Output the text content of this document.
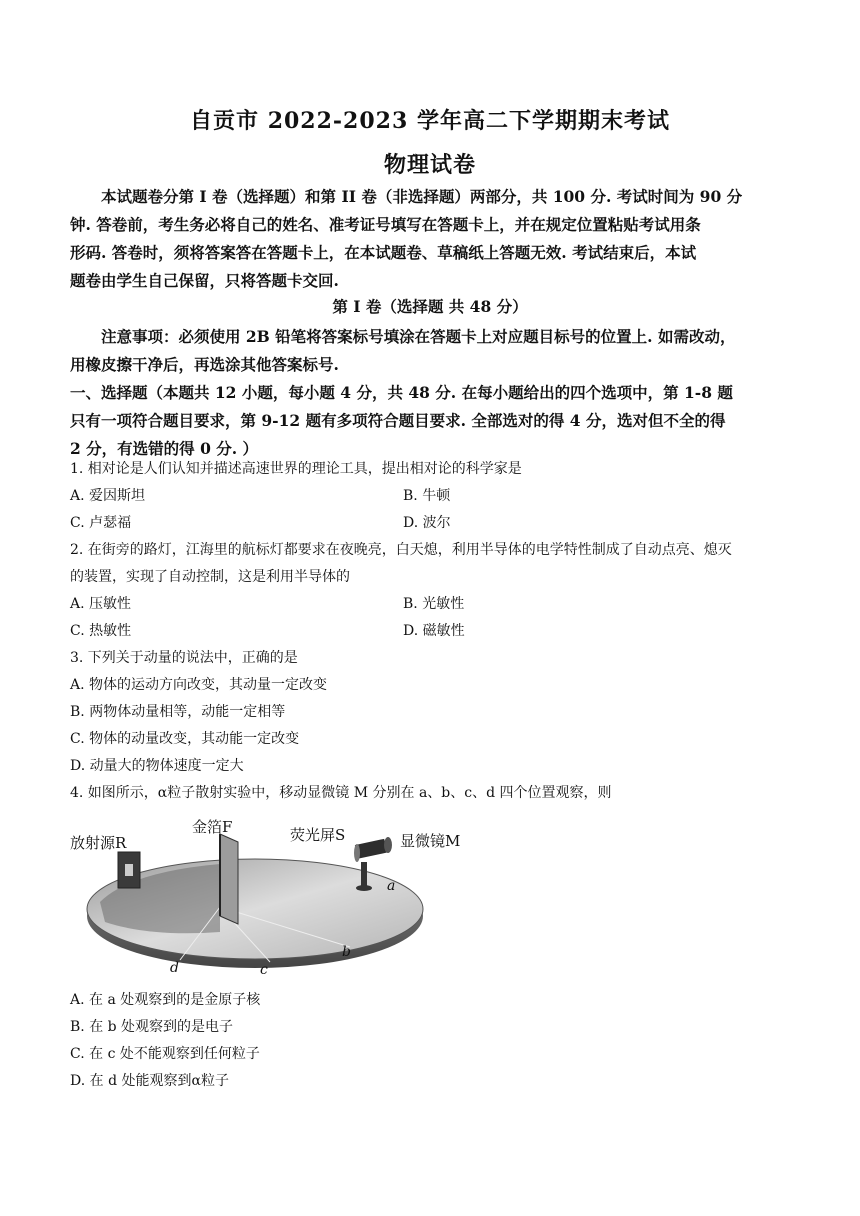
自贡市 2022-2023 学年高二下学期期末考试
物理试卷
本试题卷分第 I 卷（选择题）和第 II 卷（非选择题）两部分，共 100 分. 考试时间为 90 分
钟. 答卷前，考生务必将自己的姓名、准考证号填写在答题卡上，并在规定位置粘贴考试用条
形码. 答卷时，须将答案答在答题卡上，在本试题卷、草稿纸上答题无效. 考试结束后，本试
题卷由学生自己保留，只将答题卡交回.
第 I 卷（选择题 共 48 分）
注意事项：必须使用 2B 铅笔将答案标号填涂在答题卡上对应题目标号的位置上. 如需改动，
用橡皮擦干净后，再选涂其他答案标号.
一、选择题（本题共 12 小题，每小题 4 分，共 48 分. 在每小题给出的四个选项中，第 1-8 题
只有一项符合题目要求，第 9-12 题有多项符合题目要求. 全部选对的得 4 分，选对但不全的得
2 分，有选错的得 0 分. ）
1. 相对论是人们认知并描述高速世界的理论工具，提出相对论的科学家是
A. 爱因斯坦	B. 牛顿
C. 卢瑟福	D. 波尔
2. 在街旁的路灯，江海里的航标灯都要求在夜晚亮，白天熄，利用半导体的电学特性制成了自动点亮、熄灭
的装置，实现了自动控制，这是利用半导体的
A. 压敏性	B. 光敏性
C. 热敏性	D. 磁敏性
3. 下列关于动量的说法中，正确的是
A. 物体的运动方向改变，其动量一定改变
B. 两物体动量相等，动能一定相等
C. 物体的动量改变，其动能一定改变
D. 动量大的物体速度一定大
4. 如图所示，α粒子散射实验中，移动显微镜 M 分别在 a、b、c、d 四个位置观察，则
放射源R
金箔F	荧光屏S	显微镜M
a
b
c
d
A. 在 a 处观察到的是金原子核
B. 在 b 处观察到的是电子
C. 在 c 处不能观察到任何粒子
D. 在 d 处能观察到α粒子
